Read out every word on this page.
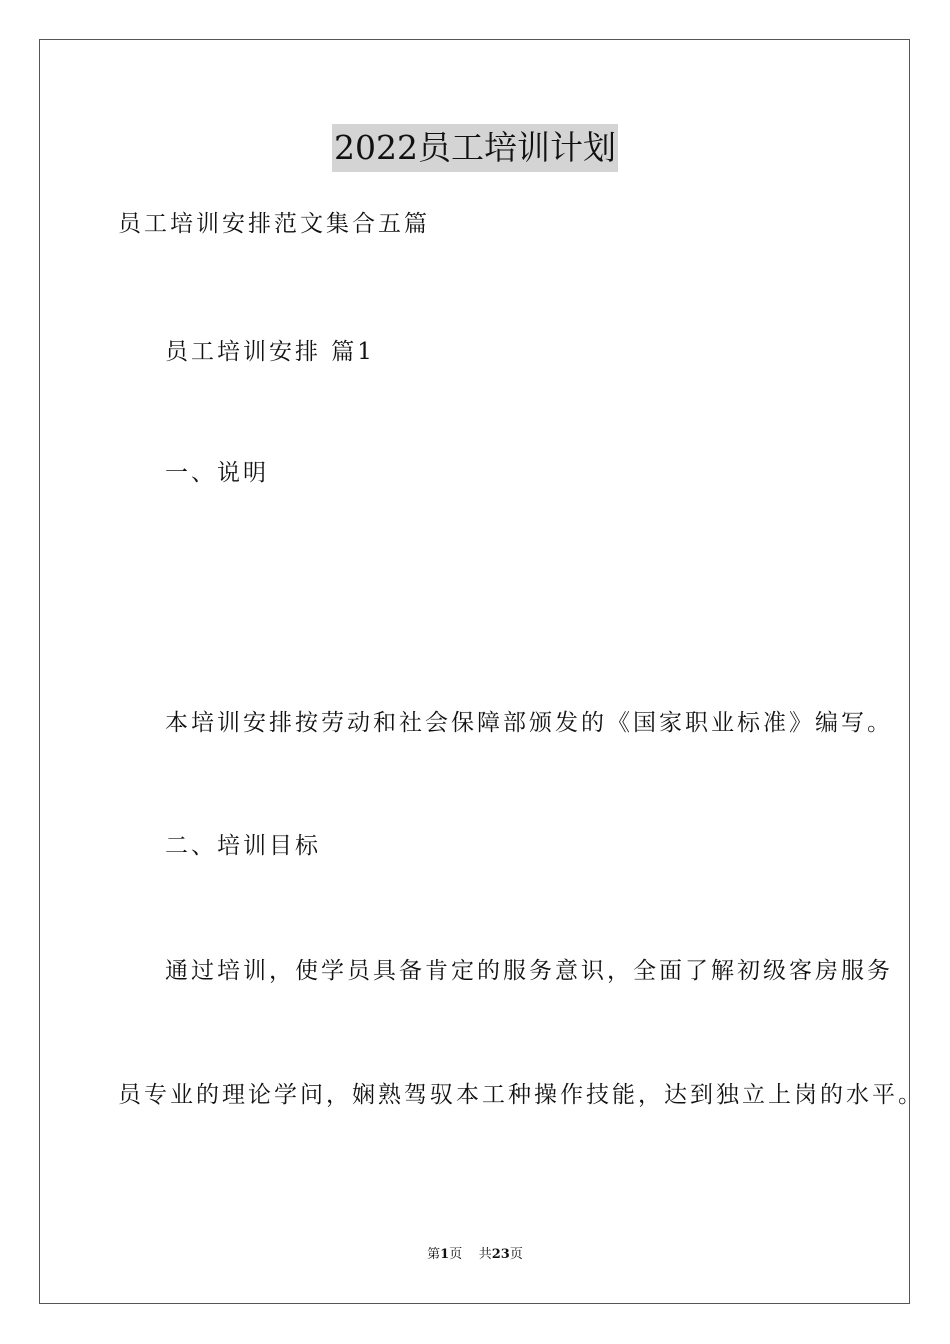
2022员工培训计划
员工培训安排范文集合五篇
员工培训安排 篇1
一、说明
本培训安排按劳动和社会保障部颁发的《国家职业标准》编写。
二、培训目标
通过培训，使学员具备肯定的服务意识，全面了解初级客房服务
员专业的理论学问，娴熟驾驭本工种操作技能，达到独立上岗的水平。
第1页 共23页
